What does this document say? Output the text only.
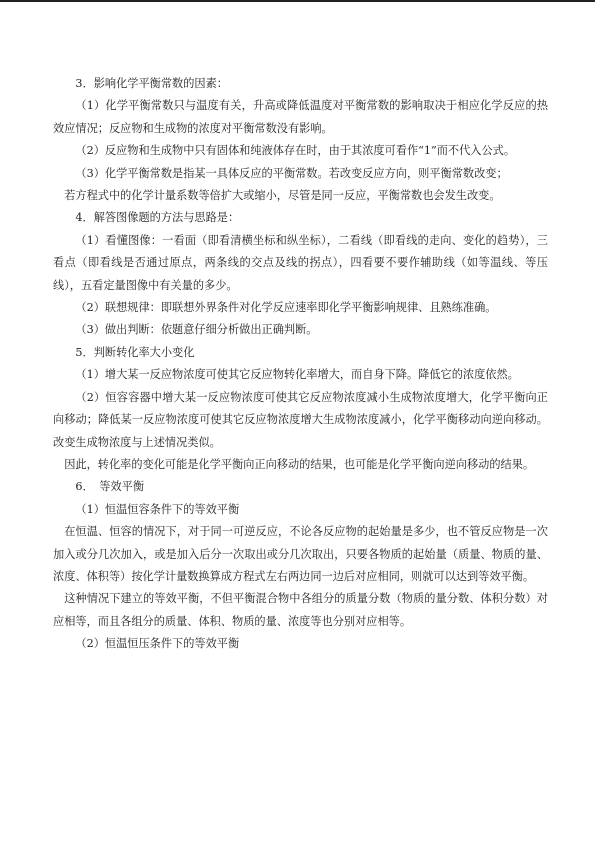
3．影响化学平衡常数的因素：

（1）化学平衡常数只与温度有关，升高或降低温度对平衡常数的影响取决于相应化学反应的热效应情况；反应物和生成物的浓度对平衡常数没有影响。

（2）反应物和生成物中只有固体和纯液体存在时，由于其浓度可看作“1”而不代入公式。

（3）化学平衡常数是指某一具体反应的平衡常数。若改变反应方向，则平衡常数改变；

若方程式中的化学计量系数等倍扩大或缩小，尽管是同一反应，平衡常数也会发生改变。

4．解答图像题的方法与思路是：

（1）看懂图像：一看面（即看清横坐标和纵坐标），二看线（即看线的走向、变化的趋势），三看点（即看线是否通过原点，两条线的交点及线的拐点），四看要不要作辅助线（如等温线、等压线），五看定量图像中有关量的多少。

（2）联想规律：即联想外界条件对化学反应速率即化学平衡影响规律、且熟练准确。

（3）做出判断：依题意仔细分析做出正确判断。

5．判断转化率大小变化

（1）增大某一反应物浓度可使其它反应物转化率增大，而自身下降。降低它的浓度依然。

（2）恒容容器中增大某一反应物浓度可使其它反应物浓度减小生成物浓度增大，化学平衡向正向移动；降低某一反应物浓度可使其它反应物浓度增大生成物浓度减小，化学平衡移动向逆向移动。改变生成物浓度与上述情况类似。

因此，转化率的变化可能是化学平衡向正向移动的结果，也可能是化学平衡向逆向移动的结果。

6．　等效平衡

（1）恒温恒容条件下的等效平衡

在恒温、恒容的情况下，对于同一可逆反应，不论各反应物的起始量是多少，也不管反应物是一次加入或分几次加入，或是加入后分一次取出或分几次取出，只要各物质的起始量（质量、物质的量、浓度、体积等）按化学计量数换算成方程式左右两边同一边后对应相同，则就可以达到等效平衡。

这种情况下建立的等效平衡，不但平衡混合物中各组分的质量分数（物质的量分数、体积分数）对应相等，而且各组分的质量、体积、物质的量、浓度等也分别对应相等。

（2）恒温恒压条件下的等效平衡
